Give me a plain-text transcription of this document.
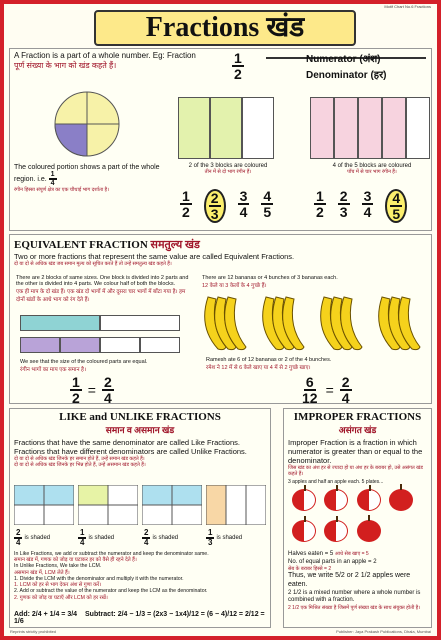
Motif Chart No.6 Fractions
Fractions खंड
A Fraction is a part of a whole number. Eg: Fraction
पूर्ण संख्या के भाग को खंड कहते हैं।	$\frac{1}{2}$	Numerator (अंश)
Denominator (हर)
The coloured portion shows a part of the whole region. i.e. $\frac{1}{4}$
रंगीन हिस्सा संपूर्ण क्षेत्र का एक चौथाई भाग दर्शाता है।
2 of the 3 blocks are coloured
तीन में से दो भाग रंगीन हैं।
4 of the 5 blocks are coloured
पाँच में से चार भाग रंगीन हैं।
$\frac{1}{2} \frac{2}{3} \frac{3}{4} \frac{4}{5}$	$\frac{1}{2} \frac{2}{3} \frac{3}{4} \frac{4}{5}$
EQUIVALENT FRACTION समतुल्य खंड
Two or more fractions that represent the same value are called Equivalent Fractions.
दो या दो से अधिक खंड जब समान मूल्य को सूचित करते हैं तो उन्हें समतुल्य खंड कहते हैं।
There are 2 blocks of same sizes. One block is divided into 2 parts and the other is divided into 4 parts. We colour half of both the blocks.
एक ही माप के दो खंड हैं। एक खंड दो भागों में और दूसरा चार भागों में बाँटा गया है। हम दोनों खंडों के आधे भाग को रंग देते हैं।
We see that the size of the coloured parts are equal.
रंगीन भागों का माप एक समान है।
$\frac{1}{2} = \frac{2}{4}$
There are 12 bananas or 4 bunches of 3 bananas each.
12 केले या 3 केलों के 4 गुच्छे हैं।
Ramesh ate 6 of 12 bananas or 2 of the 4 bunches.
रमेश ने 12 में से 6 केले खाए या 4 में से 2 गुच्छे खाए।
$\frac{6}{12} = \frac{2}{4}$
LIKE and UNLIKE FRACTIONS
समान व असमान खंड
Fractions that have the same denominator are called Like Fractions.
Fractions that have different denominators are called Unlike Fractions.
दो या दो से अधिक खंड जिनके हर समान होते हैं, उन्हें समान खंड कहते हैं।
दो या दो से अधिक खंड जिनके हर भिन्न होते हैं, उन्हें असमान खंड कहते हैं।
$\frac{2}{4}$ is shaded	$\frac{1}{4}$ is shaded	$\frac{2}{4}$ is shaded	$\frac{1}{3}$ is shaded
In Like Fractions, we add or subtract the numerator and keep the denominator same.
समान खंड में, गणक को जोड़ या घटाकर हर को वैसे ही रहने देते हैं।
In Unlike Fractions, We take the LCM.
असमान खंड में, LCM लेते हैं।
1. Divide the LCM with the denominator and multiply it with the numerator.
1. LCM को हर से भाग देकर अंश से गुणा करें।
2. Add or subtract the value of the numerator and keep the LCM as the denominator.
2. गुणक को जोड़ या घटाएँ और LCM को हर रखें।
Add: 2/4 + 1/4 = 3/4 Subtract: 2/4 − 1/3 = (2x3 − 1x4)/12 = (6 − 4)/12 = 2/12 = 1/6
IMPROPER FRACTIONS
असंगत खंड
Improper Fraction is a fraction in which numerator is greater than or equal to the denominator.
जिस खंड का अंश हर से ज्यादा हो या अंश हर के बराबर हो, उसे असंगत खंड कहते हैं।
3 apples and half an apple each. 5 plates...

Halves eaten = 5 आधे सेब खाए = 5
No. of equal parts in an apple = 2
सेब के बराबर हिस्से = 2
Thus, we write 5/2 or 2 1/2 apples were eaten.
2 1/2 is a mixed number where a whole number is combined with a fraction.
2 1/2 एक मिश्रित संख्या है जिसमें पूर्ण संख्या खंड के साथ संयुक्त होती है।
Reprints strictly prohibited	Publisher: Jaya Prakash Publications, Dhala, Mumbai
